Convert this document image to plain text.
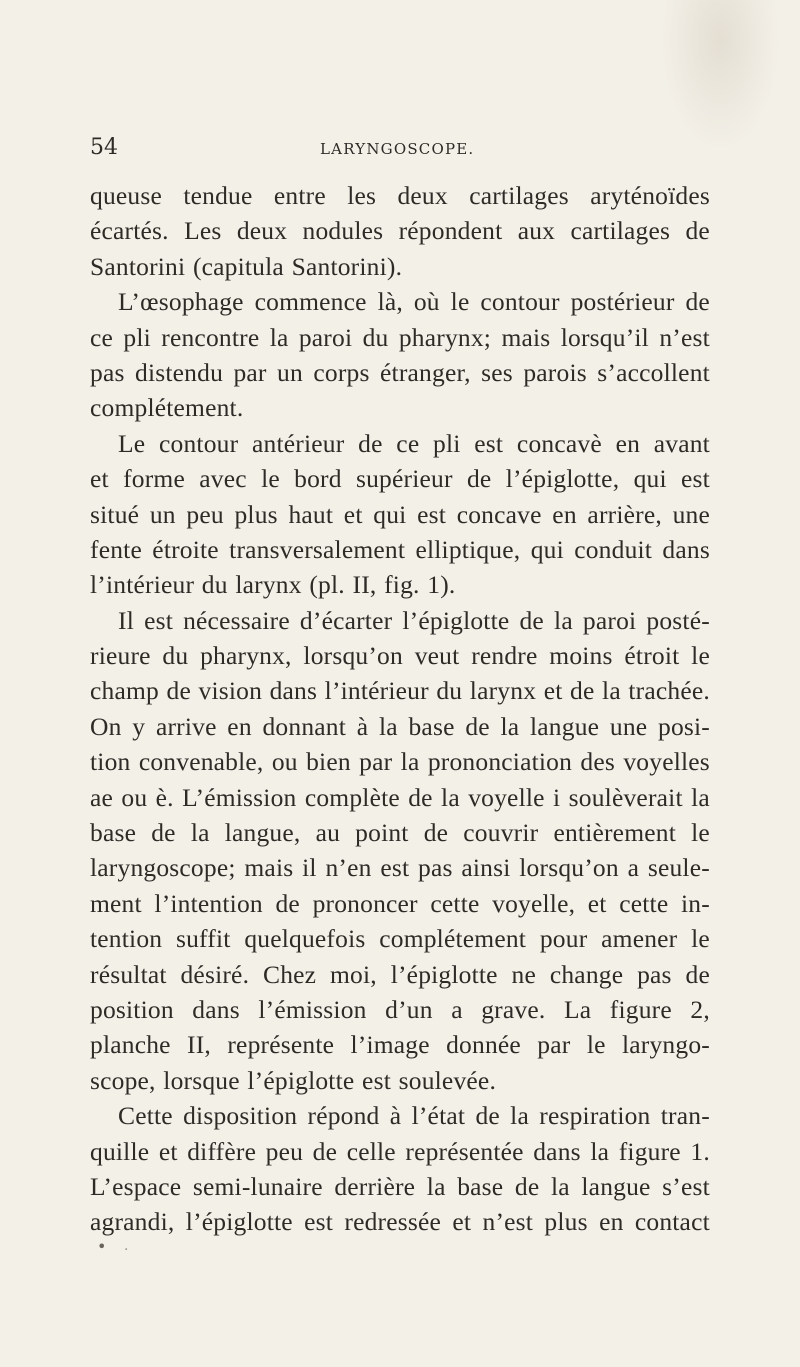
54	LARYNGOSCOPE.
queuse tendue entre les deux cartilages aryténoïdes
écartés. Les deux nodules répondent aux cartilages de
Santorini (capitula Santorini).
L’œsophage commence là, où le contour postérieur de
ce pli rencontre la paroi du pharynx; mais lorsqu’il n’est
pas distendu par un corps étranger, ses parois s’accollent
complétement.
Le contour antérieur de ce pli est concavè en avant
et forme avec le bord supérieur de l’épiglotte, qui est
situé un peu plus haut et qui est concave en arrière, une
fente étroite transversalement elliptique, qui conduit dans
l’intérieur du larynx (pl. II, fig. 1).
Il est nécessaire d’écarter l’épiglotte de la paroi posté-
rieure du pharynx, lorsqu’on veut rendre moins étroit le
champ de vision dans l’intérieur du larynx et de la trachée.
On y arrive en donnant à la base de la langue une posi-
tion convenable, ou bien par la prononciation des voyelles
ae ou è. L’émission complète de la voyelle i soulèverait la
base de la langue, au point de couvrir entièrement le
laryngoscope; mais il n’en est pas ainsi lorsqu’on a seule-
ment l’intention de prononcer cette voyelle, et cette in-
tention suffit quelquefois complétement pour amener le
résultat désiré. Chez moi, l’épiglotte ne change pas de
position dans l’émission d’un a grave. La figure 2,
planche II, représente l’image donnée par le laryngo-
scope, lorsque l’épiglotte est soulevée.
Cette disposition répond à l’état de la respiration tran-
quille et diffère peu de celle représentée dans la figure 1.
L’espace semi-lunaire derrière la base de la langue s’est
agrandi, l’épiglotte est redressée et n’est plus en contact
• .
